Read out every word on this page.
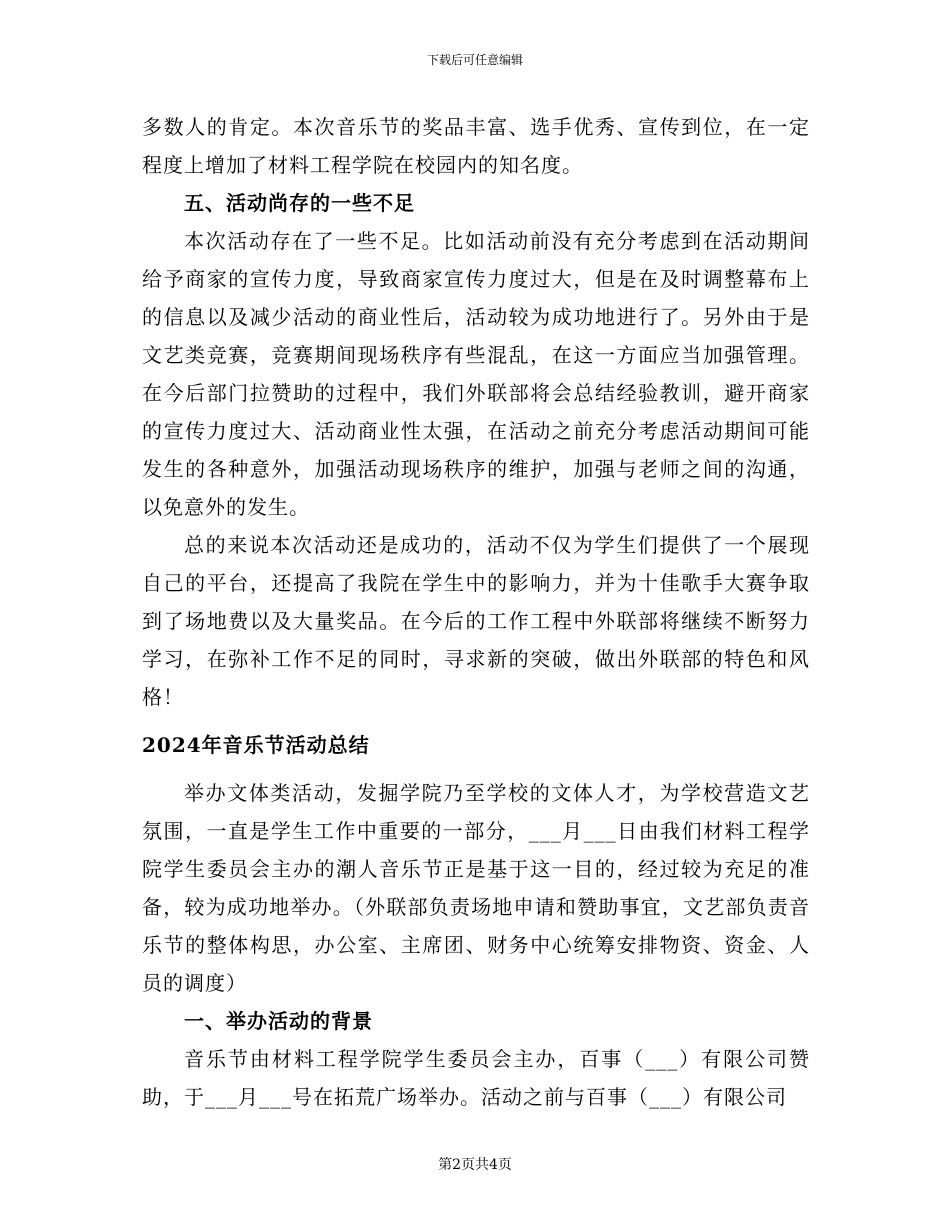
下载后可任意编辑

多数人的肯定。本次音乐节的奖品丰富、选手优秀、宣传到位，在一定程度上增加了材料工程学院在校园内的知名度。

五、活动尚存的一些不足

本次活动存在了一些不足。比如活动前没有充分考虑到在活动期间给予商家的宣传力度，导致商家宣传力度过大，但是在及时调整幕布上的信息以及减少活动的商业性后，活动较为成功地进行了。另外由于是文艺类竞赛，竞赛期间现场秩序有些混乱，在这一方面应当加强管理。在今后部门拉赞助的过程中，我们外联部将会总结经验教训，避开商家的宣传力度过大、活动商业性太强，在活动之前充分考虑活动期间可能发生的各种意外，加强活动现场秩序的维护，加强与老师之间的沟通，以免意外的发生。

总的来说本次活动还是成功的，活动不仅为学生们提供了一个展现自己的平台，还提高了我院在学生中的影响力，并为十佳歌手大赛争取到了场地费以及大量奖品。在今后的工作工程中外联部将继续不断努力学习，在弥补工作不足的同时，寻求新的突破，做出外联部的特色和风格！

2024年音乐节活动总结

举办文体类活动，发掘学院乃至学校的文体人才，为学校营造文艺氛围，一直是学生工作中重要的一部分，___月___日由我们材料工程学院学生委员会主办的潮人音乐节正是基于这一目的，经过较为充足的准备，较为成功地举办。（外联部负责场地申请和赞助事宜，文艺部负责音乐节的整体构思，办公室、主席团、财务中心统筹安排物资、资金、人员的调度）

一、举办活动的背景

音乐节由材料工程学院学生委员会主办，百事（___）有限公司赞助，于___月___号在拓荒广场举办。活动之前与百事（___）有限公司

第2页共4页
